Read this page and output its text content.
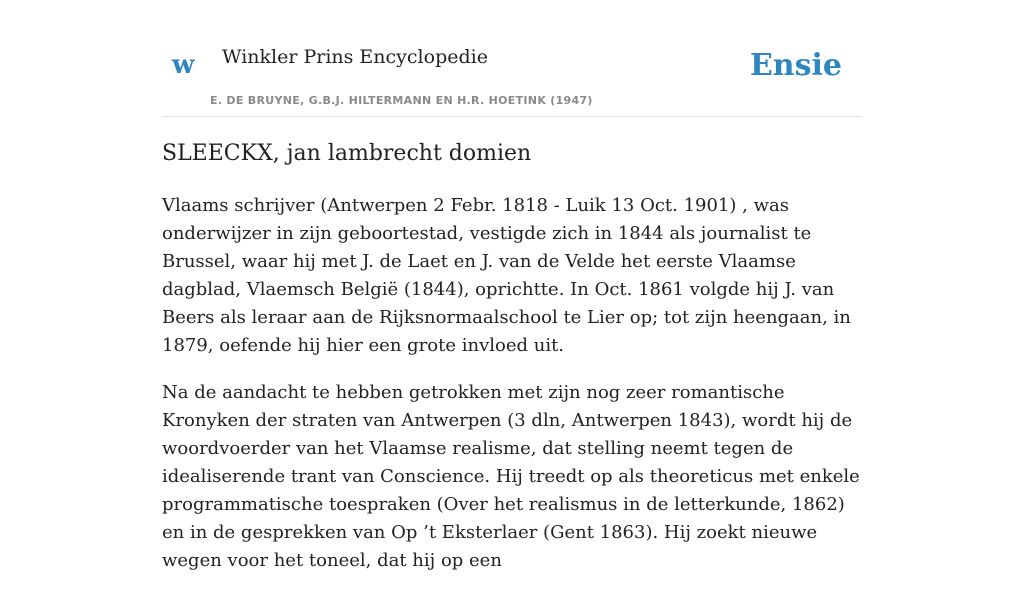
w Winkler Prins Encyclopedie	Ensie
E. DE BRUYNE, G.B.J. HILTERMANN EN H.R. HOETINK (1947)
SLEECKX, jan lambrecht domien

Vlaams schrijver (Antwerpen 2 Febr. 1818 - Luik 13 Oct. 1901) , was onderwijzer in zijn geboortestad, vestigde zich in 1844 als journalist te Brussel, waar hij met J. de Laet en J. van de Velde het eerste Vlaamse dagblad, Vlaemsch België (1844), oprichtte. In Oct. 1861 volgde hij J. van Beers als leraar aan de Rijksnormaalschool te Lier op; tot zijn heengaan, in 1879, oefende hij hier een grote invloed uit.

Na de aandacht te hebben getrokken met zijn nog zeer romantische Kronyken der straten van Antwerpen (3 dln, Antwerpen 1843), wordt hij de woordvoerder van het Vlaamse realisme, dat stelling neemt tegen de idealiserende trant van Conscience. Hij treedt op als theoreticus met enkele programmatische toespraken (Over het realismus in de letterkunde, 1862) en in de gesprekken van Op ’t Eksterlaer (Gent 1863). Hij zoekt nieuwe wegen voor het toneel, dat hij op een
